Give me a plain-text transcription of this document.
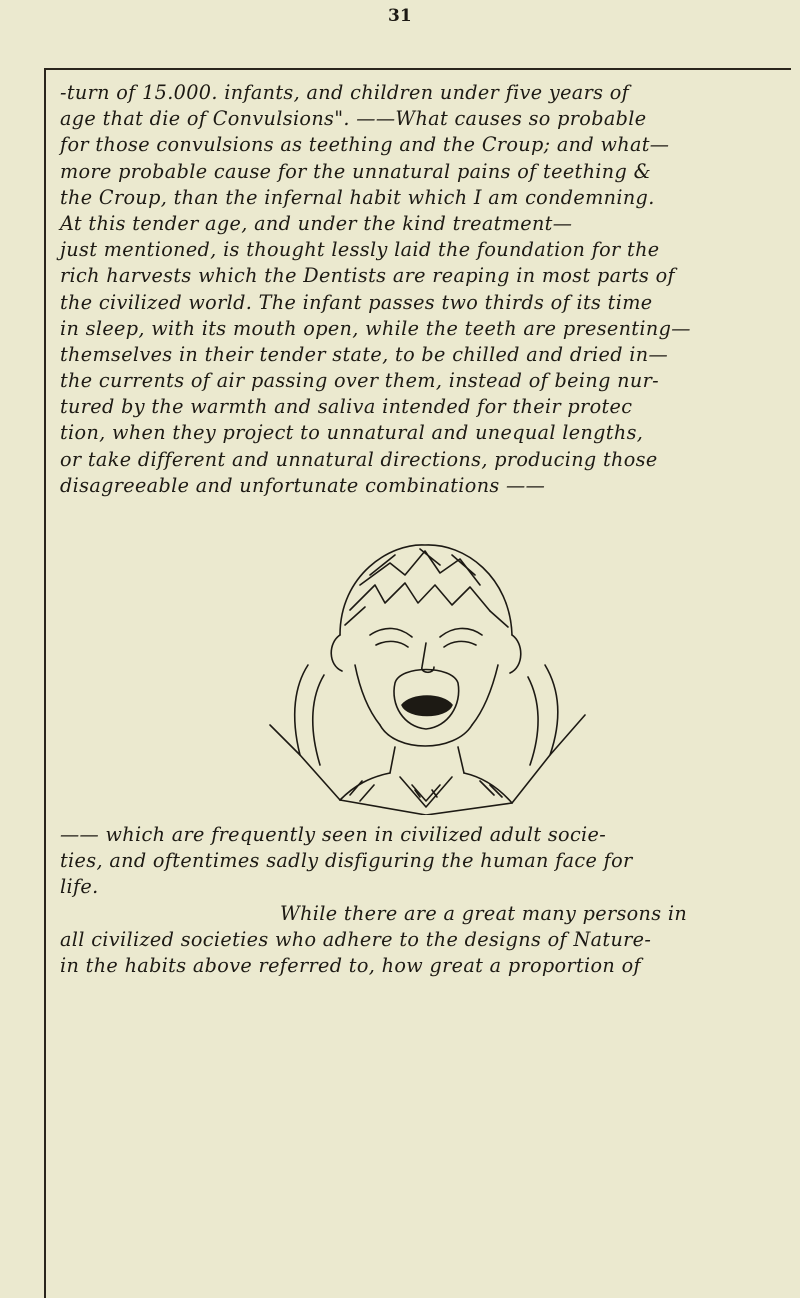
31
-turn of 15.000. infants, and children under five years of
age that die of Convulsions". ——What causes so probable
for those convulsions as teething and the Croup; and what—
more probable cause for the unnatural pains of teething &
the Croup, than the infernal habit which I am condemning.
At this tender age, and under the kind treatment—
just mentioned, is thought lessly laid the foundation for the
rich harvests which the Dentists are reaping in most parts of
the civilized world. The infant passes two thirds of its time
in sleep, with its mouth open, while the teeth are presenting—
themselves in their tender state, to be chilled and dried in—
the currents of air passing over them, instead of being nur-
tured by the warmth and saliva intended for their protec
tion, when they project to unnatural and unequal lengths,
or take different and unnatural directions, producing those
disagreeable and unfortunate combinations ——
—— which are frequently seen in civilized adult socie-
ties, and oftentimes sadly disfiguring the human face for
life.
While there are a great many persons in
all civilized societies who adhere to the designs of Nature-
in the habits above referred to, how great a proportion of
